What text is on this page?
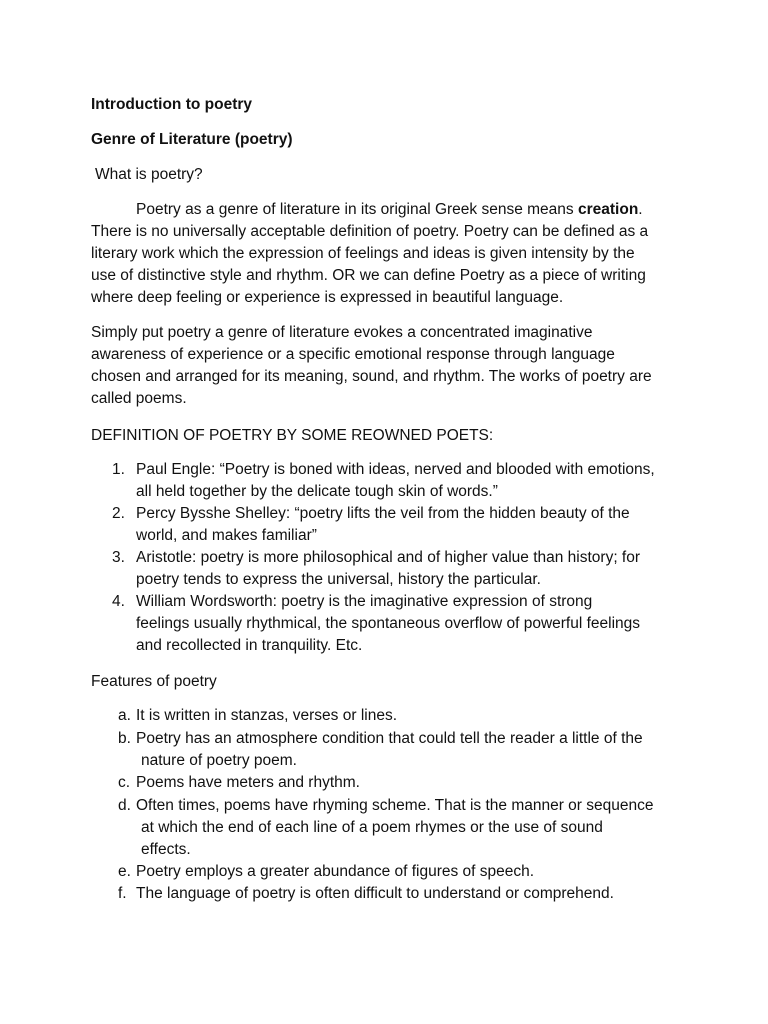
Introduction to poetry
Genre of Literature (poetry)
What is poetry?
Poetry as a genre of literature in its original Greek sense means creation.
There is no universally acceptable definition of poetry. Poetry can be defined as a
literary work which the expression of feelings and ideas is given intensity by the
use of distinctive style and rhythm. OR we can define Poetry as a piece of writing
where deep feeling or experience is expressed in beautiful language.
Simply put poetry a genre of literature evokes a concentrated imaginative
awareness of experience or a specific emotional response through language
chosen and arranged for its meaning, sound, and rhythm. The works of poetry are
called poems.
DEFINITION OF POETRY BY SOME REOWNED POETS:
1. Paul Engle: “Poetry is boned with ideas, nerved and blooded with emotions,
all held together by the delicate tough skin of words.”
2. Percy Bysshe Shelley: “poetry lifts the veil from the hidden beauty of the
world, and makes familiar”
3. Aristotle: poetry is more philosophical and of higher value than history; for
poetry tends to express the universal, history the particular.
4. William Wordsworth: poetry is the imaginative expression of strong
feelings usually rhythmical, the spontaneous overflow of powerful feelings
and recollected in tranquility. Etc.
Features of poetry
a. It is written in stanzas, verses or lines.
b. Poetry has an atmosphere condition that could tell the reader a little of the
nature of poetry poem.
c. Poems have meters and rhythm.
d. Often times, poems have rhyming scheme. That is the manner or sequence
at which the end of each line of a poem rhymes or the use of sound
effects.
e. Poetry employs a greater abundance of figures of speech.
f. The language of poetry is often difficult to understand or comprehend.
